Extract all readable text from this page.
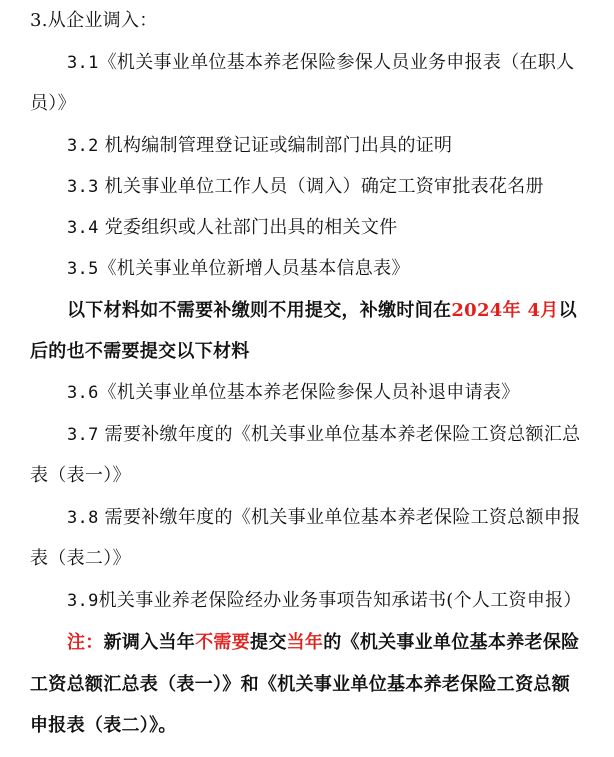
3.从企业调入：
3.1《机关事业单位基本养老保险参保人员业务申报表（在职人
员）》
3.2 机构编制管理登记证或编制部门出具的证明
3.3 机关事业单位工作人员（调入）确定工资审批表花名册
3.4 党委组织或人社部门出具的相关文件
3.5《机关事业单位新增人员基本信息表》
以下材料如不需要补缴则不用提交，补缴时间在2024年 4月以
后的也不需要提交以下材料
3.6《机关事业单位基本养老保险参保人员补退申请表》
3.7 需要补缴年度的《机关事业单位基本养老保险工资总额汇总
表（表一）》
3.8 需要补缴年度的《机关事业单位基本养老保险工资总额申报
表（表二）》
3.9机关事业养老保险经办业务事项告知承诺书(个人工资申报）
注：新调入当年不需要提交当年的《机关事业单位基本养老保险
工资总额汇总表（表一）》和《机关事业单位基本养老保险工资总额
申报表（表二）》。
